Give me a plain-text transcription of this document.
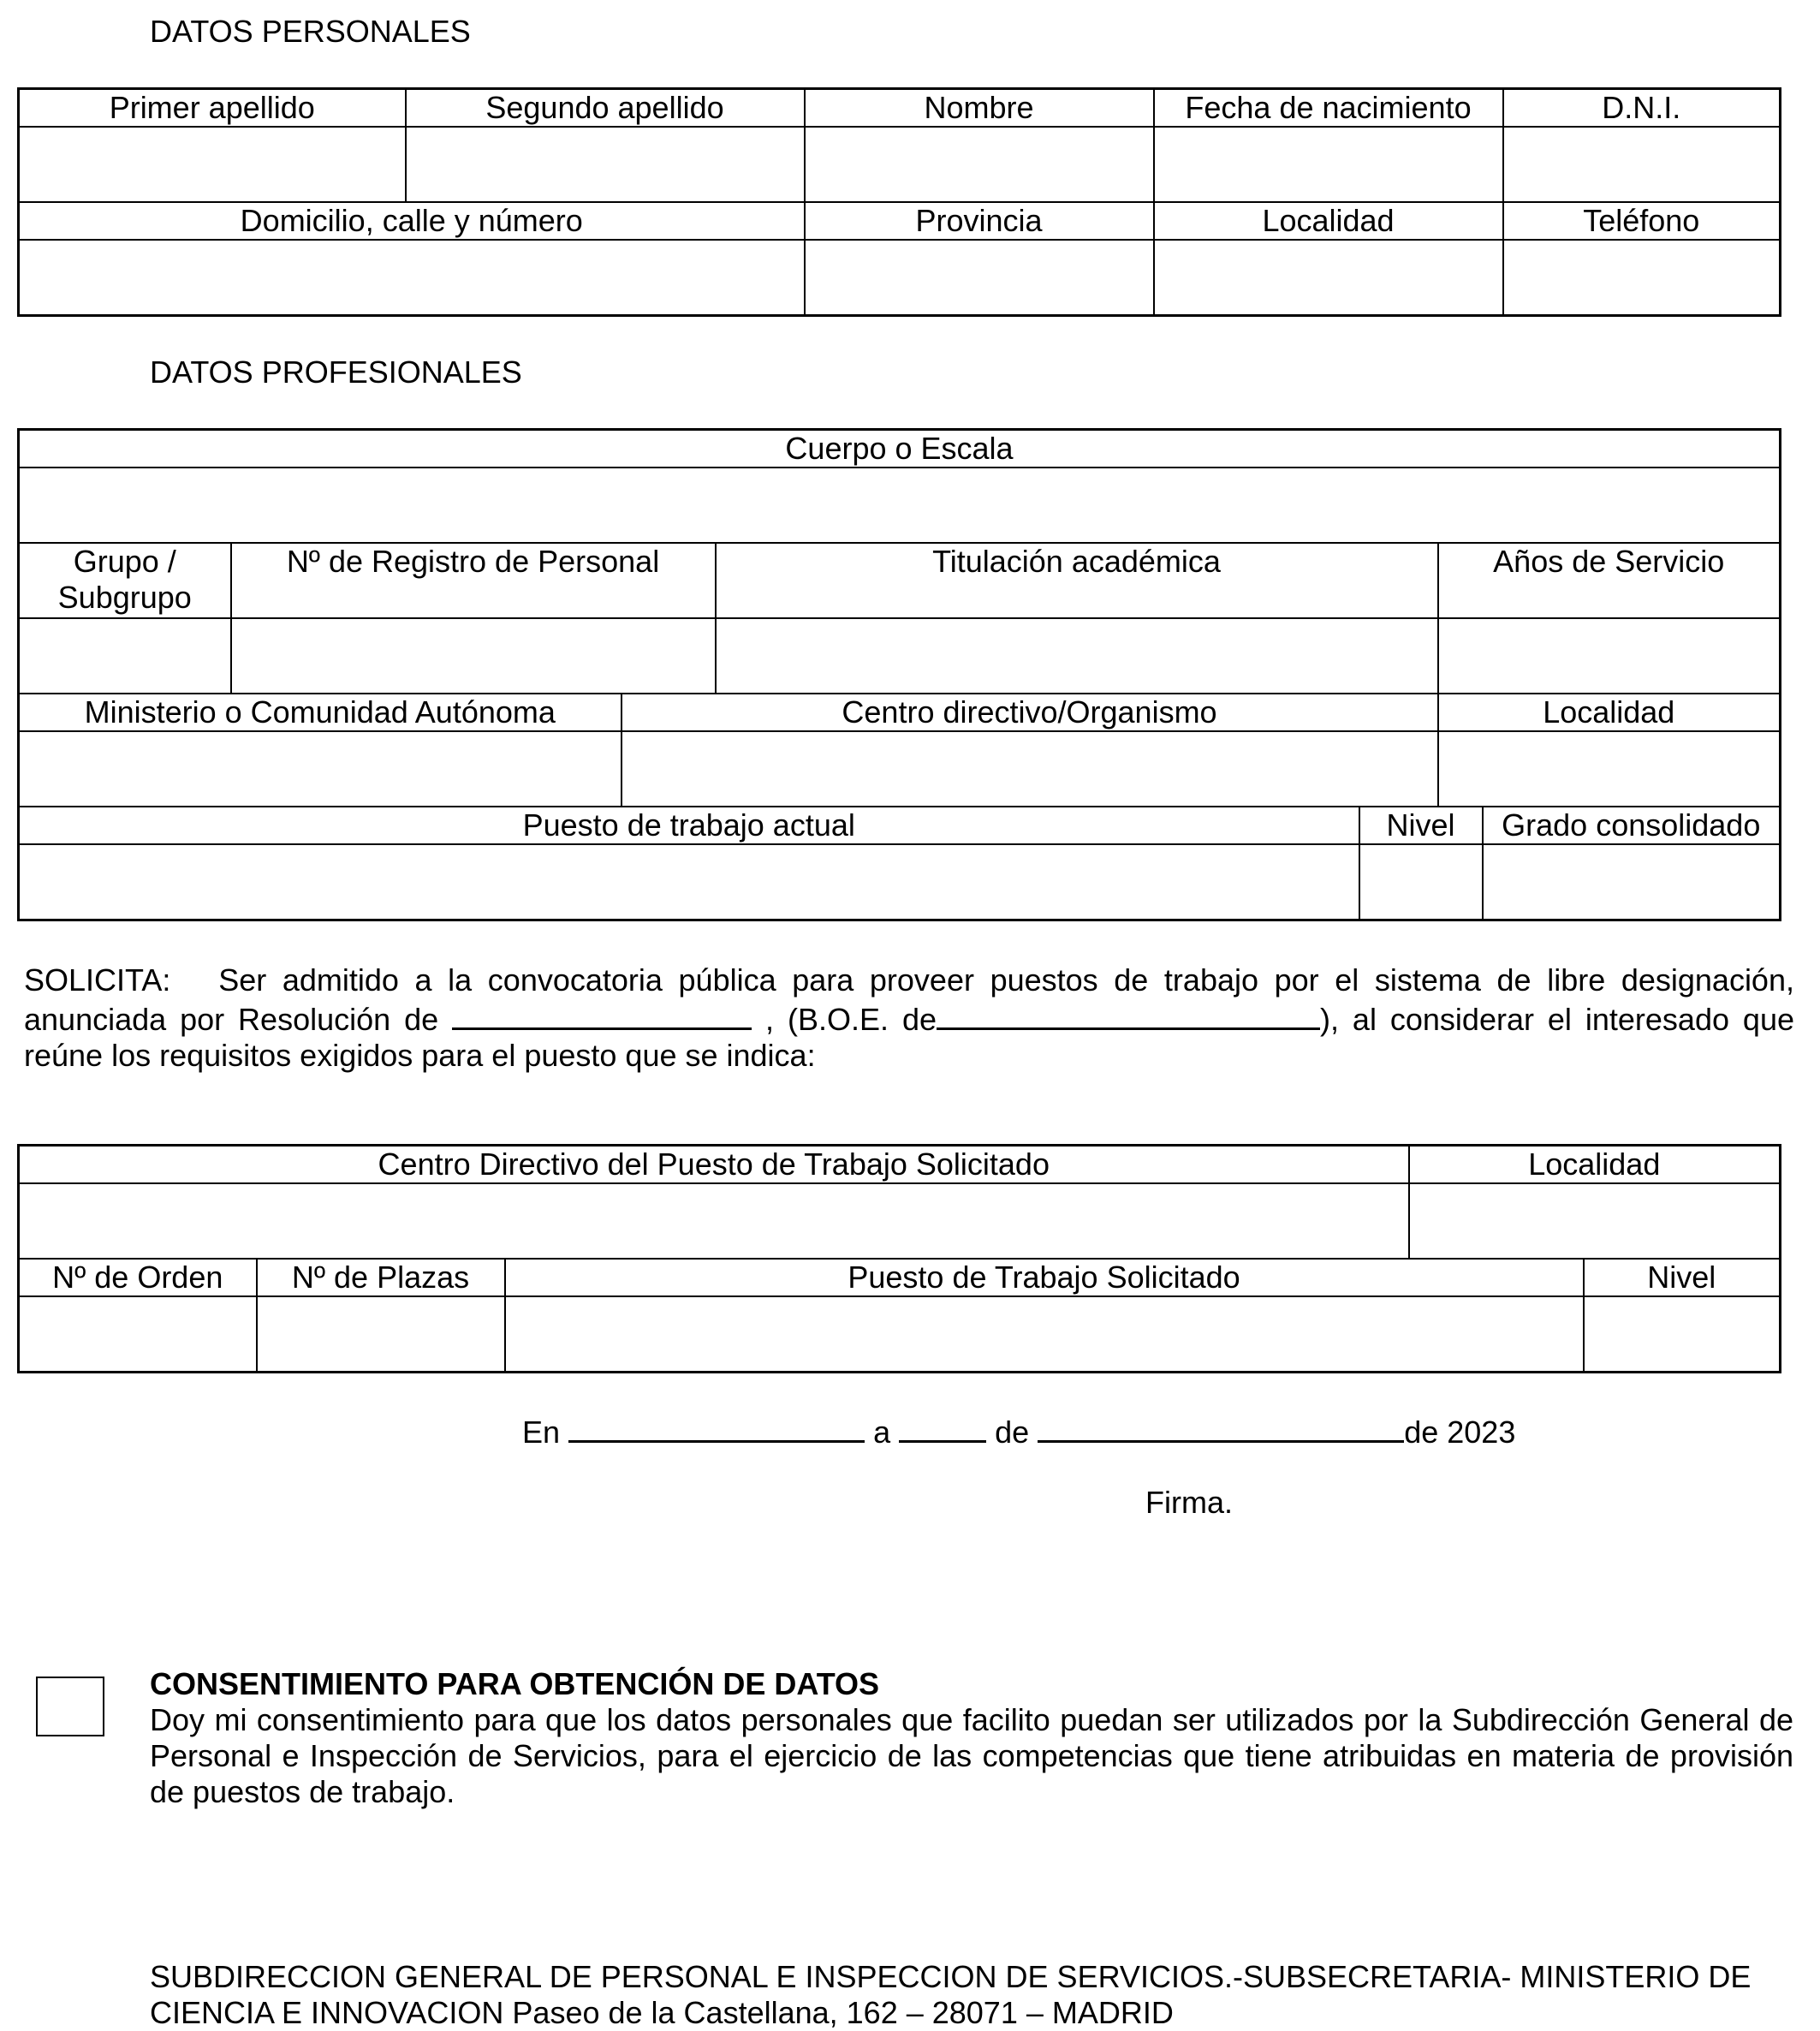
DATOS PERSONALES
Primer apellido	Segundo apellido	Nombre	Fecha de nacimiento	D.N.I.

Domicilio, calle y número		Provincia	Localidad	Teléfono

DATOS PROFESIONALES
Cuerpo o Escala						

Grupo /
Subgrupo	Nº de Registro de Personal		Titulación académica		Años de Servicio	

Ministerio o Comunidad Autónoma		Centro directivo/Organismo			Localidad	

Puesto de trabajo actual				Nivel		Grado consolidado

SOLICITA: Ser admitido a la convocatoria pública para proveer puestos de trabajo por el sistema de libre designación, anunciada por Resolución de	, (B.O.E. de	), al considerar el interesado que reúne los requisitos exigidos para el puesto que se indica:
Centro Directivo del Puesto de Trabajo Solicitado			Localidad	

Nº de Orden	Nº de Plazas	Puesto de Trabajo Solicitado		Nivel

En	a	de	de 2023
Firma.
CONSENTIMIENTO PARA OBTENCIÓN DE DATOS
Doy mi consentimiento para que los datos personales que facilito puedan ser utilizados por la Subdirección General de Personal e Inspección de Servicios, para el ejercicio de las competencias que tiene atribuidas en materia de provisión de puestos de trabajo.
SUBDIRECCION GENERAL DE PERSONAL E INSPECCION DE SERVICIOS.-SUBSECRETARIA- MINISTERIO DE
CIENCIA E INNOVACION Paseo de la Castellana, 162 – 28071 – MADRID
